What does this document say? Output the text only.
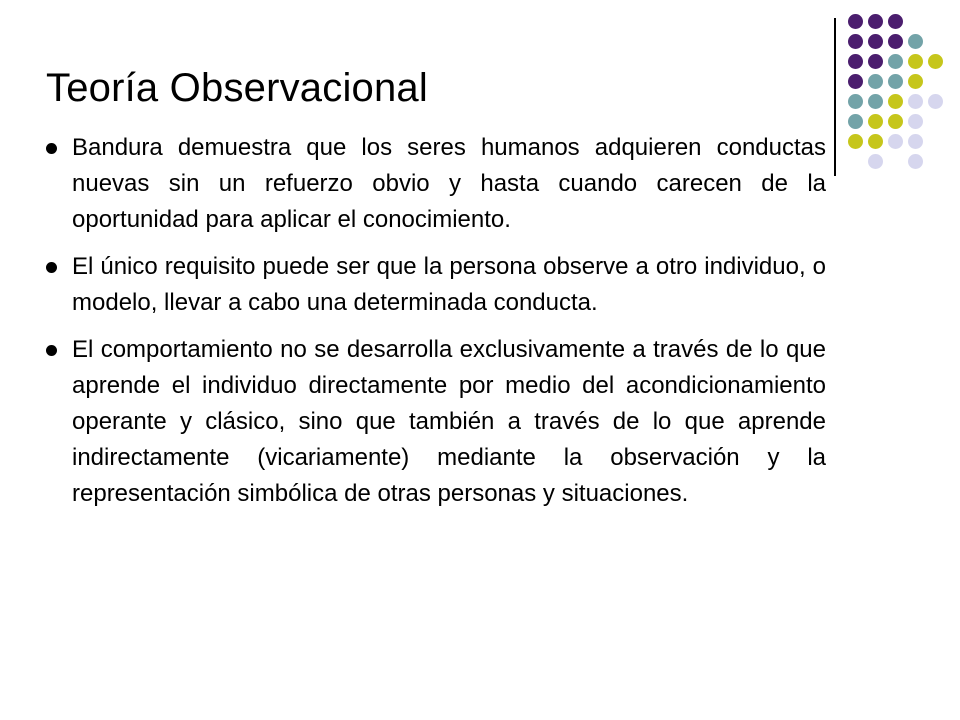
Teoría Observacional
Bandura demuestra que los seres humanos adquieren conductas nuevas sin un refuerzo obvio y hasta cuando carecen de la oportunidad para aplicar el conocimiento.
El único requisito puede ser que la persona observe a otro individuo, o modelo, llevar a cabo una determinada conducta.
El comportamiento no se desarrolla exclusivamente a través de lo que aprende el individuo directamente por medio del acondicionamiento operante y clásico, sino que también a través de lo que aprende indirectamente (vicariamente) mediante la observación y la representación simbólica de otras personas y situaciones.
